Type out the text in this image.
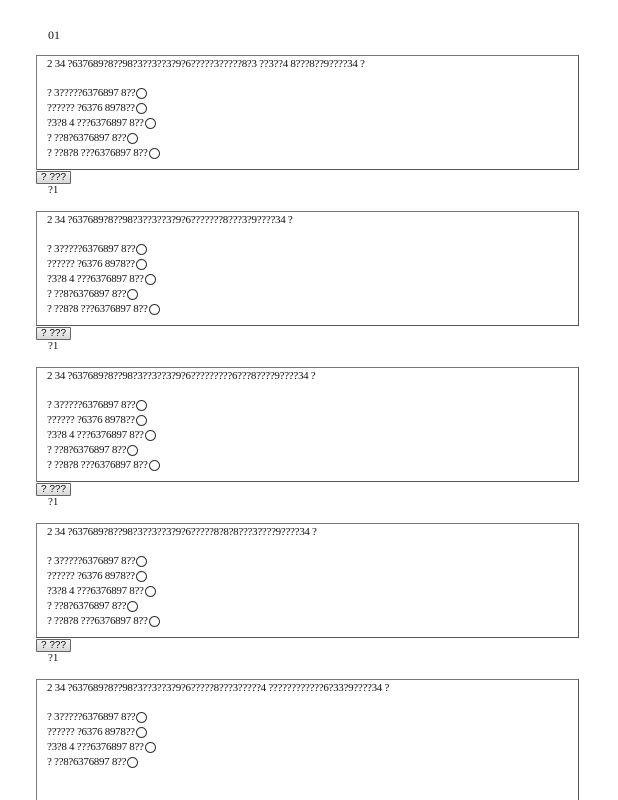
01
2 34 ?637689?8??98?3??3??3?9?6?????3?????8?3 ??3??4 8???8??9????34 ?
? 3?????6376897 8??
?????? ?6376 8978??
?3?8 4 ???6376897 8??
? ??8?6376897 8??
? ??8?8 ???6376897 8??
? ???
?1
2 34 ?637689?8??98?3??3??3?9?6???????8???3?9????34 ?
? 3?????6376897 8??
?????? ?6376 8978??
?3?8 4 ???6376897 8??
? ??8?6376897 8??
? ??8?8 ???6376897 8??
? ???
?1
2 34 ?637689?8??98?3??3??3?9?6?????????6???8????9????34 ?
? 3?????6376897 8??
?????? ?6376 8978??
?3?8 4 ???6376897 8??
? ??8?6376897 8??
? ??8?8 ???6376897 8??
? ???
?1
2 34 ?637689?8??98?3??3??3?9?6?????8?8?8???3????9????34 ?
? 3?????6376897 8??
?????? ?6376 8978??
?3?8 4 ???6376897 8??
? ??8?6376897 8??
? ??8?8 ???6376897 8??
? ???
?1
2 34 ?637689?8??98?3??3??3?9?6?????8???3?????4 ????????????6?33?9????34 ?
? 3?????6376897 8??
?????? ?6376 8978??
?3?8 4 ???6376897 8??
? ??8?6376897 8??
